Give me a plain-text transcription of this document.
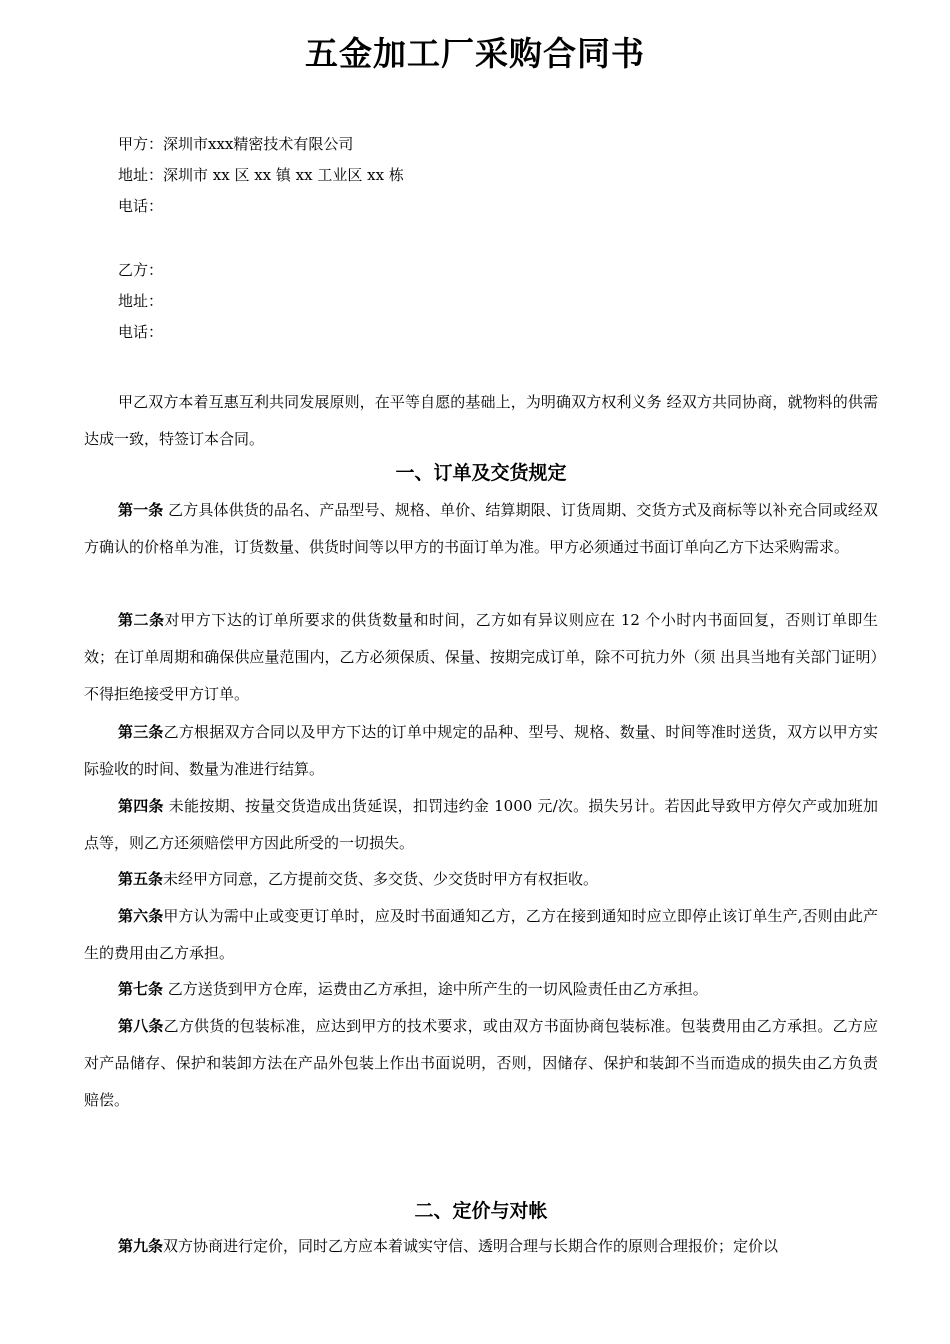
五金加工厂采购合同书
甲方：深圳市xxx精密技术有限公司
地址：深圳市 xx 区 xx 镇 xx 工业区 xx 栋
电话：
乙方：
地址：
电话：

甲乙双方本着互惠互利共同发展原则，在平等自愿的基础上，为明确双方权利义务 经双方共同协商，就物料的供需达成一致，特签订本合同。

一、订单及交货规定

第一条 乙方具体供货的品名、产品型号、规格、单价、结算期限、订货周期、交货方式及商标等以补充合同或经双方确认的价格单为准，订货数量、供货时间等以甲方的书面订单为准。甲方必须通过书面订单向乙方下达采购需求。

第二条对甲方下达的订单所要求的供货数量和时间，乙方如有异议则应在 12 个小时内书面回复，否则订单即生效；在订单周期和确保供应量范围内，乙方必须保质、保量、按期完成订单，除不可抗力外（须 出具当地有关部门证明）不得拒绝接受甲方订单。

第三条乙方根据双方合同以及甲方下达的订单中规定的品种、型号、规格、数量、时间等准时送货，双方以甲方实际验收的时间、数量为准进行结算。

第四条 未能按期、按量交货造成出货延误，扣罚违约金 1000 元/次。损失另计。若因此导致甲方停欠产或加班加点等，则乙方还须赔偿甲方因此所受的一切损失。

第五条未经甲方同意，乙方提前交货、多交货、少交货时甲方有权拒收。

第六条甲方认为需中止或变更订单时，应及时书面通知乙方，乙方在接到通知时应立即停止该订单生产,否则由此产生的费用由乙方承担。

第七条 乙方送货到甲方仓库，运费由乙方承担，途中所产生的一切风险责任由乙方承担。

第八条乙方供货的包装标准，应达到甲方的技术要求，或由双方书面协商包装标准。包装费用由乙方承担。乙方应对产品储存、保护和装卸方法在产品外包装上作出书面说明，否则，因储存、保护和装卸不当而造成的损失由乙方负责赔偿。

二、定价与对帐

第九条双方协商进行定价，同时乙方应本着诚实守信、透明合理与长期合作的原则合理报价；定价以
